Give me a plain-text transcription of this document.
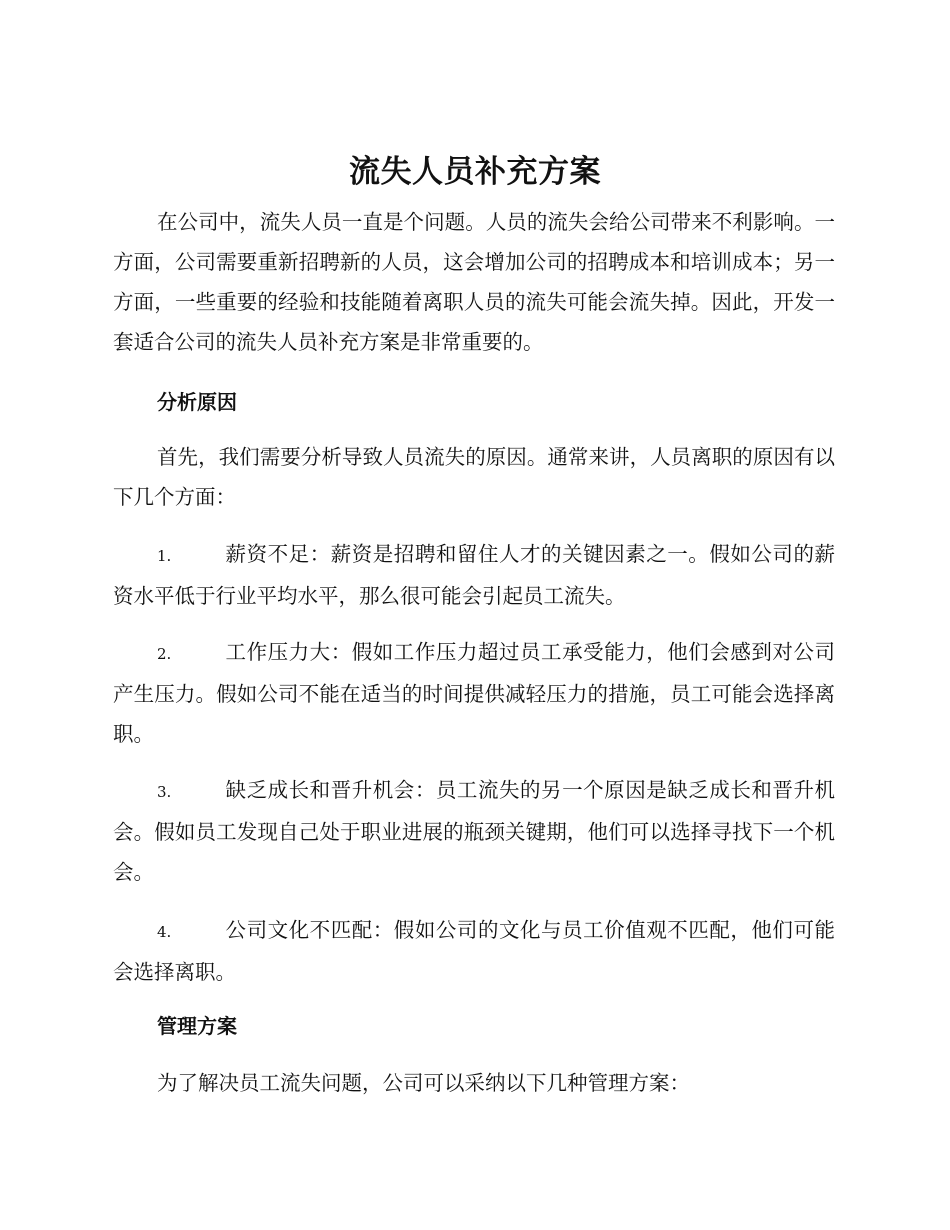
流失人员补充方案

在公司中，流失人员一直是个问题。人员的流失会给公司带来不利影响。一方面，公司需要重新招聘新的人员，这会增加公司的招聘成本和培训成本；另一方面，一些重要的经验和技能随着离职人员的流失可能会流失掉。因此，开发一套适合公司的流失人员补充方案是非常重要的。

分析原因

首先，我们需要分析导致人员流失的原因。通常来讲，人员离职的原因有以下几个方面：

1.	薪资不足：薪资是招聘和留住人才的关键因素之一。假如公司的薪资水平低于行业平均水平，那么很可能会引起员工流失。

2.	工作压力大：假如工作压力超过员工承受能力，他们会感到对公司产生压力。假如公司不能在适当的时间提供减轻压力的措施，员工可能会选择离职。

3.	缺乏成长和晋升机会：员工流失的另一个原因是缺乏成长和晋升机会。假如员工发现自己处于职业进展的瓶颈关键期，他们可以选择寻找下一个机会。

4.	公司文化不匹配：假如公司的文化与员工价值观不匹配，他们可能会选择离职。

管理方案

为了解决员工流失问题，公司可以采纳以下几种管理方案：
